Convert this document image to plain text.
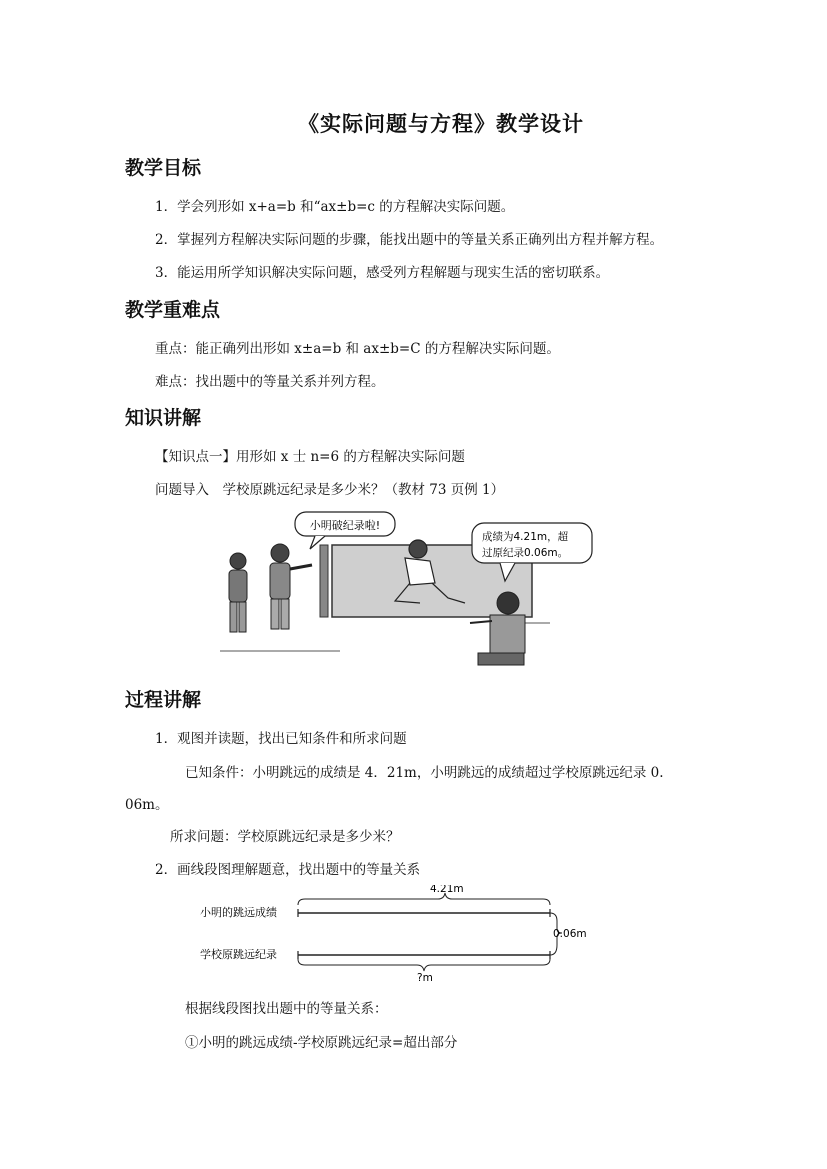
《实际问题与方程》教学设计
教学目标
1．学会列形如 x+a=b 和“ax±b=c 的方程解决实际问题。
2．掌握列方程解决实际问题的步骤，能找出题中的等量关系正确列出方程并解方程。
3．能运用所学知识解决实际问题，感受列方程解题与现实生活的密切联系。
教学重难点
重点：能正确列出形如 x±a=b 和 ax±b=C 的方程解决实际问题。
难点：找出题中的等量关系并列方程。
知识讲解
【知识点一】用形如 x 士 n=6 的方程解决实际问题
问题导入　学校原跳远纪录是多少米？（教材 73 页例 1）
小明破纪录啦!
成绩为4.21m，超
过原纪录0.06m。
过程讲解
1．观图并读题，找出已知条件和所求问题
已知条件：小明跳远的成绩是 4．21m，小明跳远的成绩超过学校原跳远纪录 0.
06m。
所求问题：学校原跳远纪录是多少米？
2．画线段图理解题意，找出题中的等量关系
小明的跳远成绩
学校原跳远纪录
4.21m
0.06m
?m
根据线段图找出题中的等量关系：
①小明的跳远成绩-学校原跳远纪录=超出部分
